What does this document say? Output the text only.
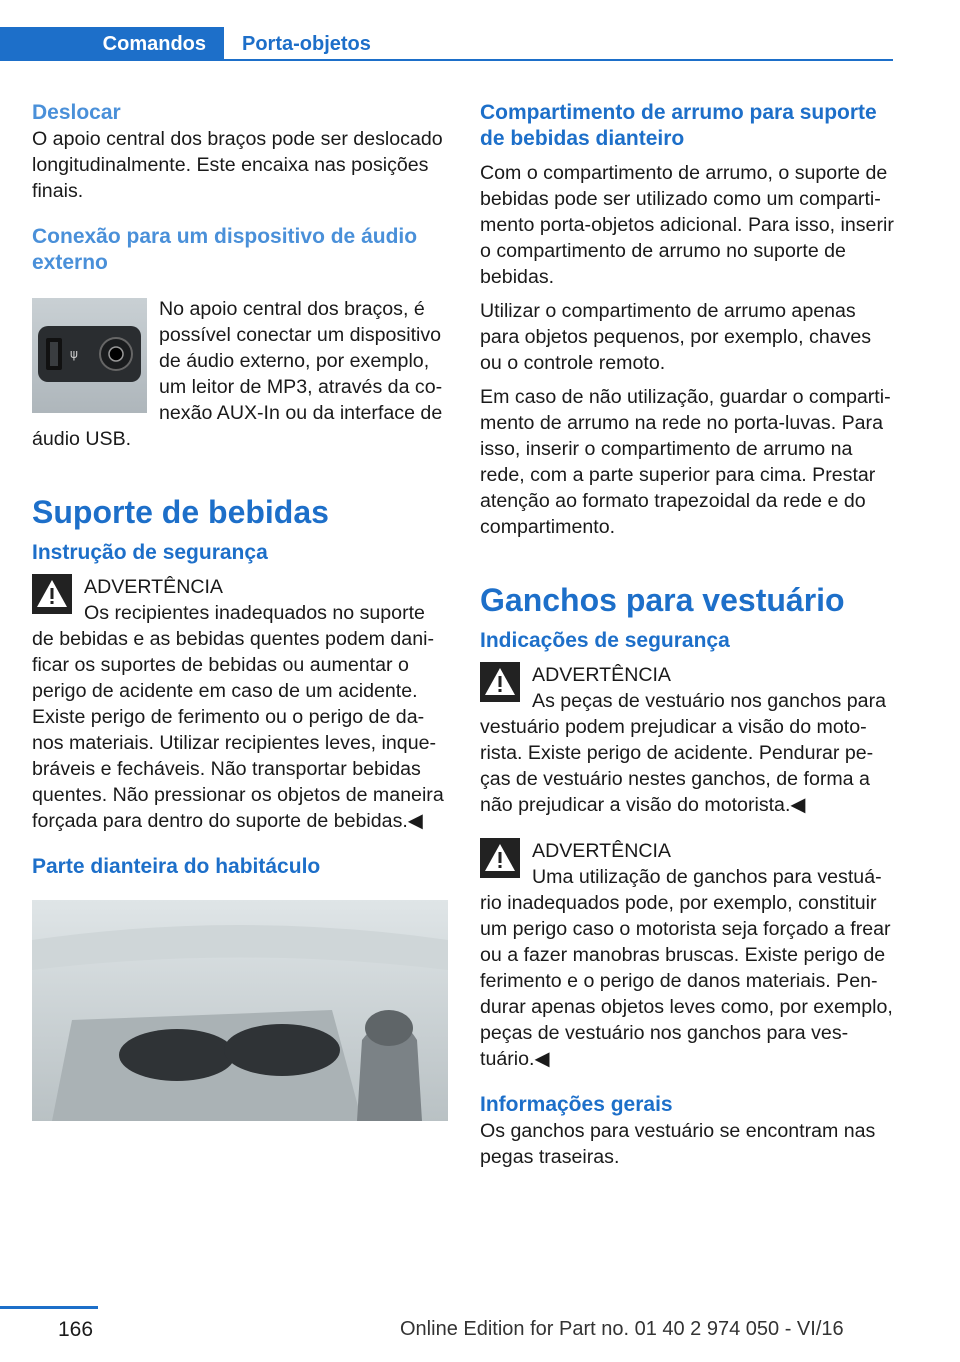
Comandos	Porta-objetos
Deslocar

O apoio central dos braços pode ser deslocado longitudinalmente. Este encaixa nas posições finais.

Conexão para um dispositivo de áudio externo
ψ

No apoio central dos braços, é possível conectar um dispositivo de áudio externo, por exemplo, um leitor de MP3, através da conexão AUX-In ou da interface de áudio USB.

Suporte de bebidas
Instrução de segurança

ADVERTÊNCIA

Os recipientes inadequados no suporte de bebidas e as bebidas quentes podem danificar os suportes de bebidas ou aumentar o perigo de acidente em caso de um acidente. Existe perigo de ferimento ou o perigo de danos materiais. Utilizar recipientes leves, inquebráveis e fecháveis. Não transportar bebidas quentes. Não pressionar os objetos de maneira forçada para dentro do suporte de bebidas.◀

Parte dianteira do habitáculo
Compartimento de arrumo para suporte de bebidas dianteiro

Com o compartimento de arrumo, o suporte de bebidas pode ser utilizado como um compartimento porta-objetos adicional. Para isso, inserir o compartimento de arrumo no suporte de bebidas.

Utilizar o compartimento de arrumo apenas para objetos pequenos, por exemplo, chaves ou o controle remoto.

Em caso de não utilização, guardar o compartimento de arrumo na rede no porta-luvas. Para isso, inserir o compartimento de arrumo na rede, com a parte superior para cima. Prestar atenção ao formato trapezoidal da rede e do compartimento.

Ganchos para vestuário
Indicações de segurança

ADVERTÊNCIA

As peças de vestuário nos ganchos para vestuário podem prejudicar a visão do motorista. Existe perigo de acidente. Pendurar peças de vestuário nestes ganchos, de forma a não prejudicar a visão do motorista.◀

ADVERTÊNCIA

Uma utilização de ganchos para vestuário inadequados pode, por exemplo, constituir um perigo caso o motorista seja forçado a frear ou a fazer manobras bruscas. Existe perigo de ferimento e o perigo de danos materiais. Pendurar apenas objetos leves como, por exemplo, peças de vestuário nos ganchos para vestuário.◀

Informações gerais

Os ganchos para vestuário se encontram nas pegas traseiras.

166	Online Edition for Part no. 01 40 2 974 050 - VI/16
